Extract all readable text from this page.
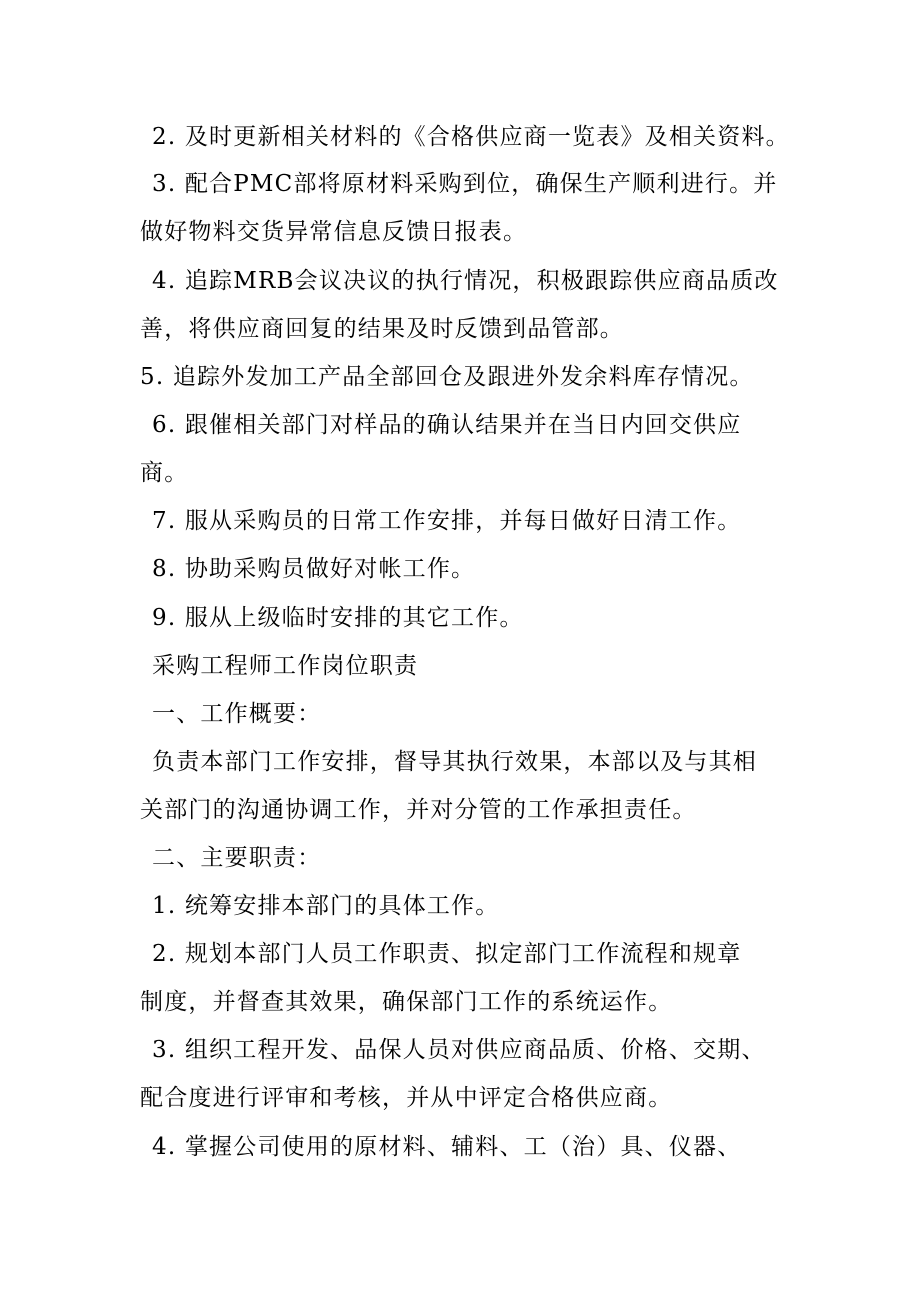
2. 及时更新相关材料的《合格供应商一览表》及相关资料。
3. 配合PMC部将原材料采购到位，确保生产顺利进行。并
做好物料交货异常信息反馈日报表。
4. 追踪MRB会议决议的执行情况，积极跟踪供应商品质改
善，将供应商回复的结果及时反馈到品管部。
5. 追踪外发加工产品全部回仓及跟进外发余料库存情况。
6. 跟催相关部门对样品的确认结果并在当日内回交供应
商。
7. 服从采购员的日常工作安排，并每日做好日清工作。
8. 协助采购员做好对帐工作。
9. 服从上级临时安排的其它工作。
采购工程师工作岗位职责
一、工作概要：
负责本部门工作安排，督导其执行效果，本部以及与其相
关部门的沟通协调工作，并对分管的工作承担责任。
二、主要职责：
1. 统筹安排本部门的具体工作。
2. 规划本部门人员工作职责、拟定部门工作流程和规章
制度，并督查其效果，确保部门工作的系统运作。
3. 组织工程开发、品保人员对供应商品质、价格、交期、
配合度进行评审和考核，并从中评定合格供应商。
4. 掌握公司使用的原材料、辅料、工（治）具、仪器、
